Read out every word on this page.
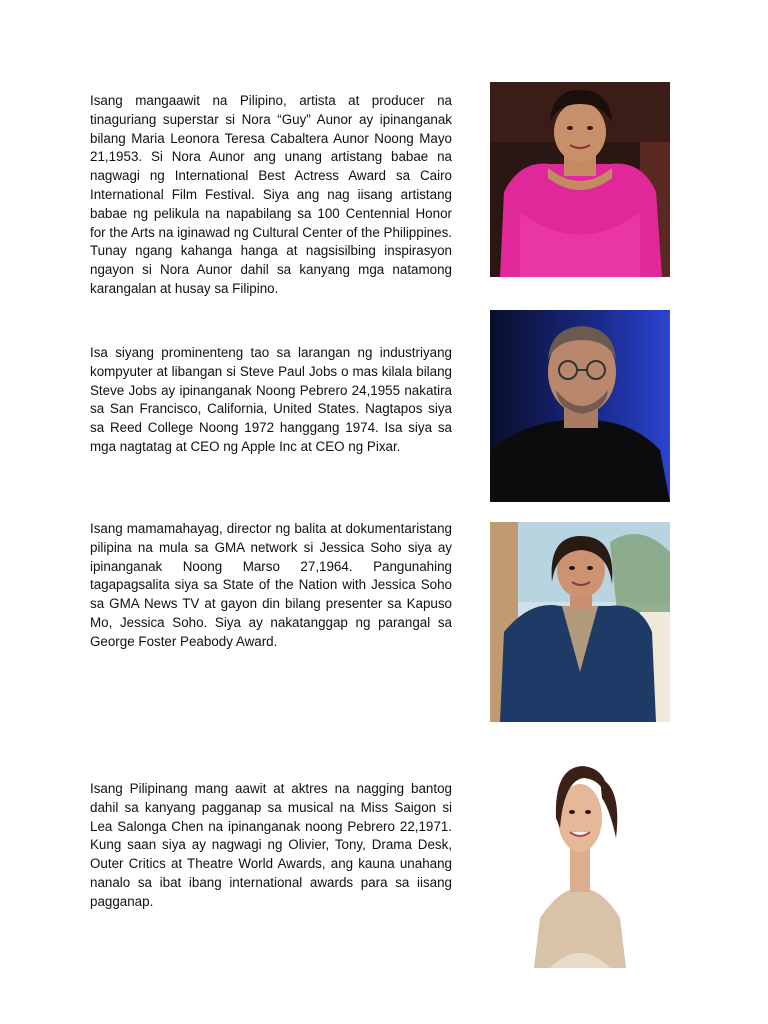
Isang mangaawit na Pilipino, artista at producer na tinaguriang superstar si Nora “Guy” Aunor ay ipinanganak bilang Maria Leonora Teresa Cabaltera Aunor Noong Mayo 21,1953. Si Nora Aunor ang unang artistang babae na nagwagi ng International Best Actress Award sa Cairo International Film Festival. Siya ang nag iisang artistang babae ng pelikula na napabilang sa 100 Centennial Honor for the Arts na iginawad ng Cultural Center of the Philippines. Tunay ngang kahanga hanga at nagsisilbing inspirasyon ngayon si Nora Aunor dahil sa kanyang mga natamong karangalan at husay sa Filipino.

Isa siyang prominenteng tao sa larangan ng industriyang kompyuter at libangan si Steve Paul Jobs o mas kilala bilang Steve Jobs ay ipinanganak Noong Pebrero 24,1955 nakatira sa San Francisco, California, United States. Nagtapos siya sa Reed College Noong 1972 hanggang 1974. Isa siya sa mga nagtatag at CEO ng Apple Inc at CEO ng Pixar.

Isang mamamahayag, director ng balita at dokumentaristang pilipina na mula sa GMA network si Jessica Soho siya ay ipinanganak Noong Marso 27,1964. Pangunahing tagapagsalita siya sa State of the Nation with Jessica Soho sa GMA News TV at gayon din bilang presenter sa Kapuso Mo, Jessica Soho. Siya ay nakatanggap ng parangal sa George Foster Peabody Award.

Isang Pilipinang mang aawit at aktres na nagging bantog dahil sa kanyang pagganap sa musical na Miss Saigon si Lea Salonga Chen na ipinanganak noong Pebrero 22,1971. Kung saan siya ay nagwagi ng Olivier, Tony, Drama Desk, Outer Critics at Theatre World Awards, ang kauna unahang nanalo sa ibat ibang international awards para sa iisang pagganap.
